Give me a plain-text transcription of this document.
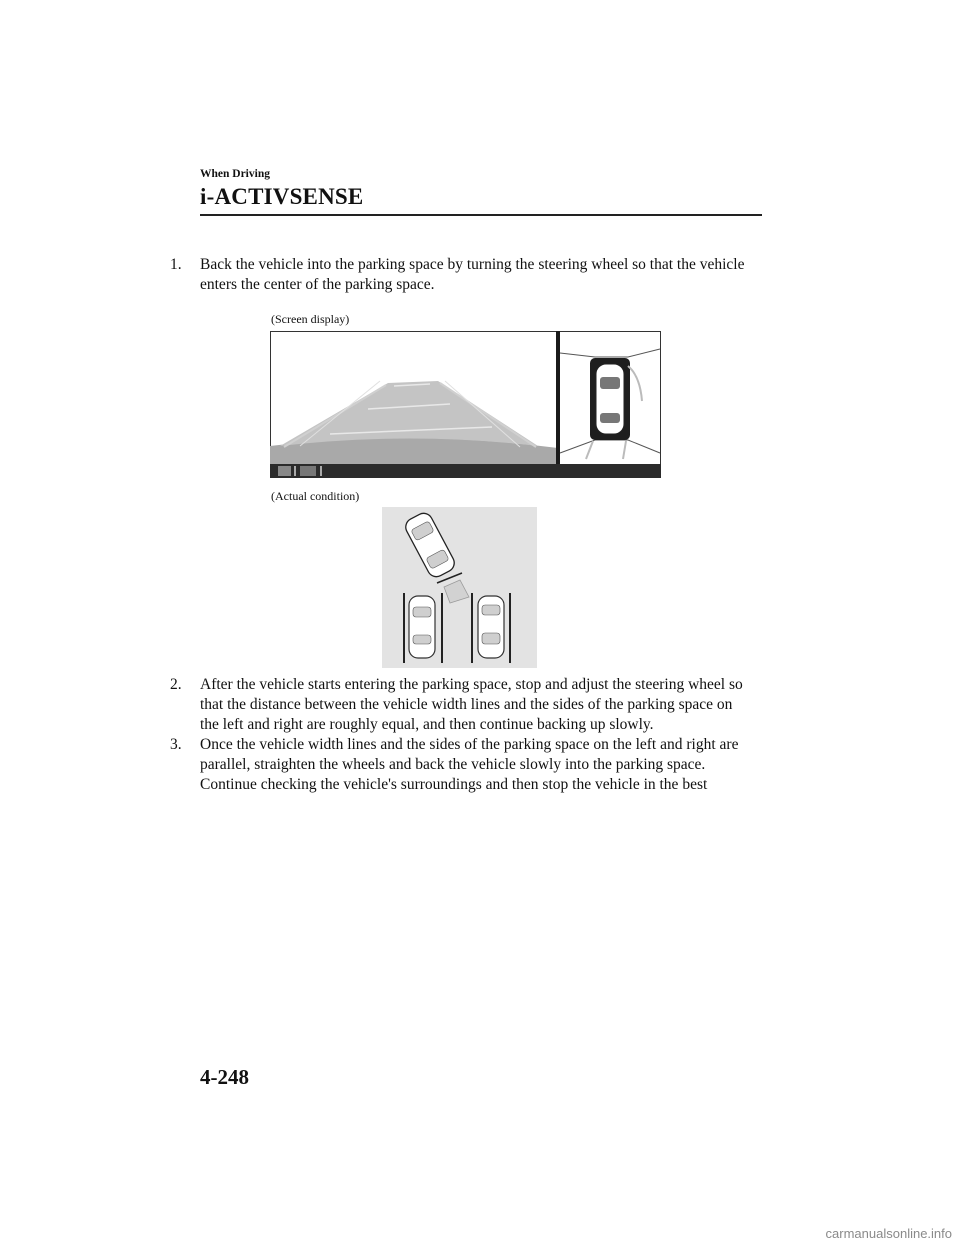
When Driving
i-ACTIVSENSE
1.	Back the vehicle into the parking space by turning the steering wheel so that the vehicle
enters the center of the parking space.
(Screen display)
(Actual condition)
2.	After the vehicle starts entering the parking space, stop and adjust the steering wheel so
that the distance between the vehicle width lines and the sides of the parking space on
the left and right are roughly equal, and then continue backing up slowly.
3.	Once the vehicle width lines and the sides of the parking space on the left and right are
parallel, straighten the wheels and back the vehicle slowly into the parking space.
Continue checking the vehicle's surroundings and then stop the vehicle in the best
4-248
carmanualsonline.info
